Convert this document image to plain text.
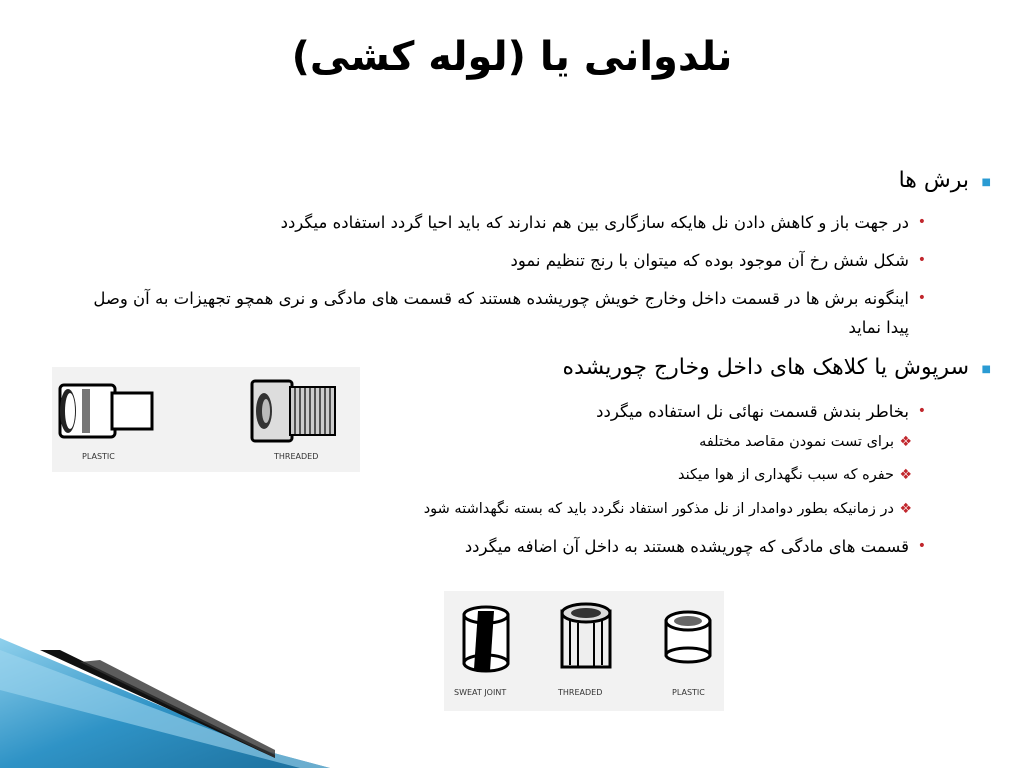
نلدوانی یا (لوله کشی)
■
برش ها
•
در جهت باز و کاهش دادن نل هایکه سازگاری بین هم ندارند که باید احیا گردد استفاده میگردد
•
شکل شش رخ آن موجود بوده که میتوان با رنج تنظیم نمود
•
اینگونه برش ها در قسمت داخل وخارج خویش چوریشده هستند که قسمت های مادگی و نری همچو تجهیزات به آن وصل پیدا نماید
■
سرپوش یا کلاهک های داخل وخارج چوریشده
•
بخاطر بندش قسمت نهائی نل استفاده میگردد
❖
برای تست نمودن مقاصد مختلفه
❖
حفره که سبب نگهداری از هوا میکند
❖
در زمانیکه بطور دوامدار از نل مذکور استفاد نگردد باید که بسته نگهداشته شود
•
قسمت های مادگی که چوریشده هستند به داخل آن اضافه میگردد
PLASTIC	THREADED
SWEAT JOINT	THREADED	PLASTIC
